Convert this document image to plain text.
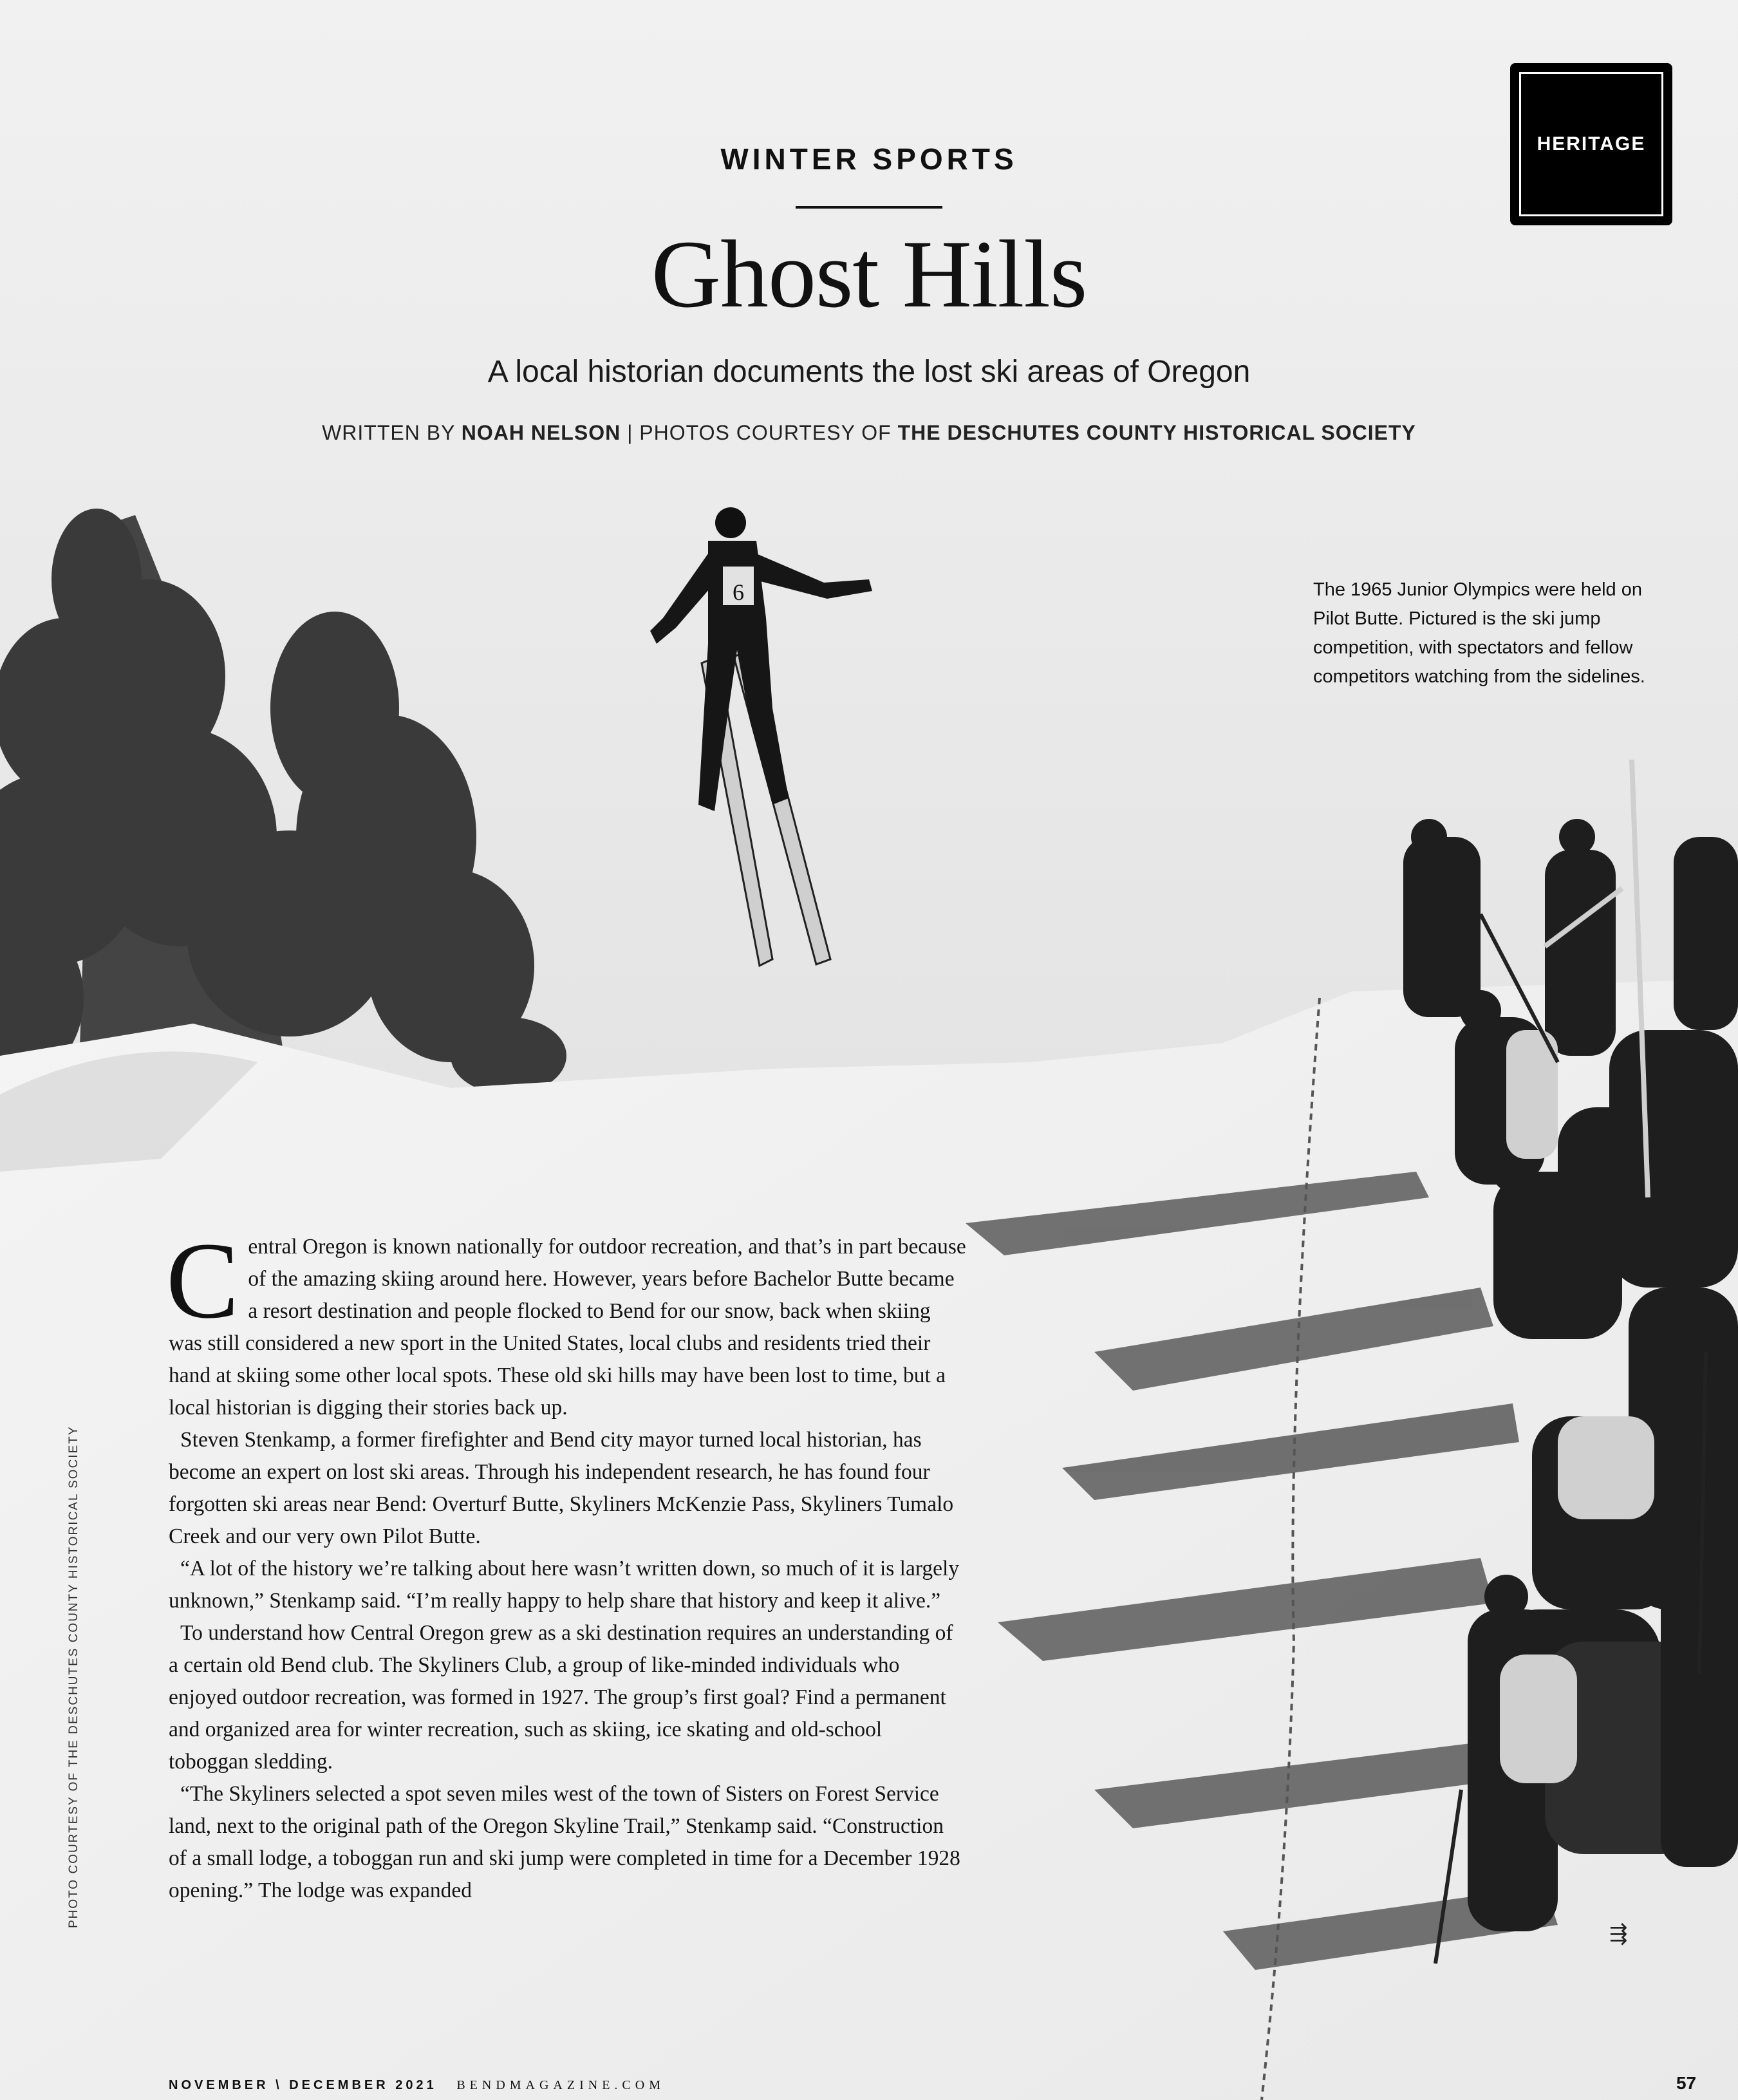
6
WINTER SPORTS
Ghost Hills
A local historian documents the lost ski areas of Oregon
WRITTEN BY NOAH NELSON | PHOTOS COURTESY OF THE DESCHUTES COUNTY HISTORICAL SOCIETY
HERITAGE
The 1965 Junior Olympics were held on Pilot Butte. Pictured is the ski jump competition, with spectators and fellow competitors watching from the sidelines.
PHOTO COURTESY OF THE DESCHUTES COUNTY HISTORICAL SOCIETY

Central Oregon is known nationally for outdoor recreation, and that’s in part because of the amazing skiing around here. However, years before Bachelor Butte became a resort destination and people flocked to Bend for our snow, back when skiing was still considered a new sport in the United States, local clubs and residents tried their hand at skiing some other local spots. These old ski hills may have been lost to time, but a local historian is digging their stories back up.

Steven Stenkamp, a former firefighter and Bend city mayor turned local historian, has become an expert on lost ski areas. Through his independent research, he has found four forgotten ski areas near Bend: Overturf Butte, Skyliners McKenzie Pass, Skyliners Tumalo Creek and our very own Pilot Butte.

“A lot of the history we’re talking about here wasn’t written down, so much of it is largely unknown,” Stenkamp said. “I’m really happy to help share that history and keep it alive.”

To understand how Central Oregon grew as a ski destination requires an understanding of a certain old Bend club. The Skyliners Club, a group of like-minded individuals who enjoyed outdoor recreation, was formed in 1927. The group’s first goal? Find a permanent and organized area for winter recreation, such as skiing, ice skating and old-school toboggan sledding.

“The Skyliners selected a spot seven miles west of the town of Sisters on Forest Service land, next to the original path of the Oregon Skyline Trail,” Stenkamp said. “Construction of a small lodge, a toboggan run and ski jump were completed in time for a December 1928 opening.” The lodge was expanded

⇶
NOVEMBER \ DECEMBER 2021 BENDMAGAZINE.COM	57
